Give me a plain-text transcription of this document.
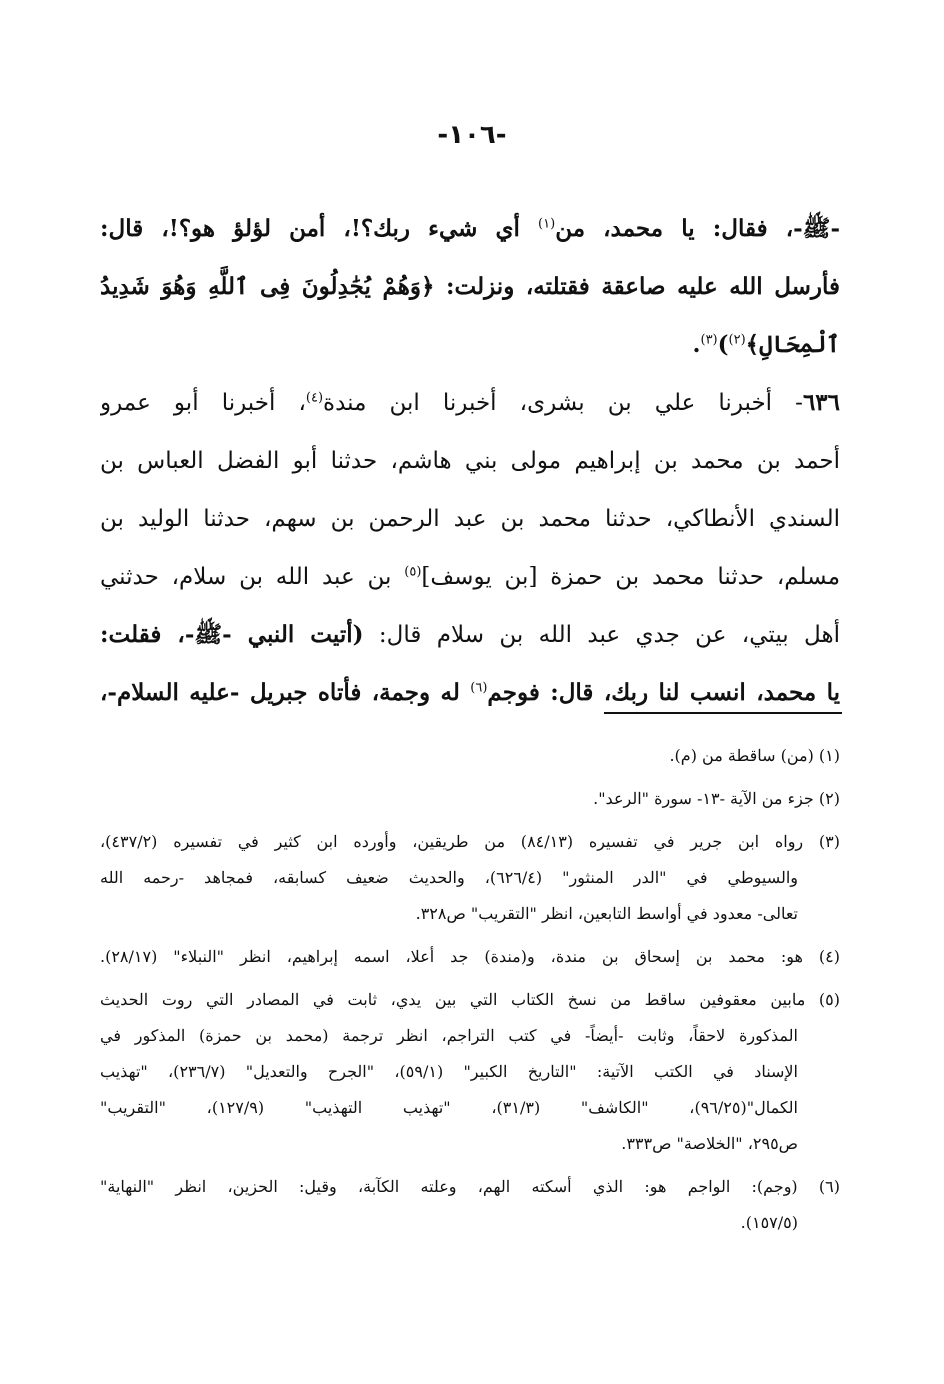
-١٠٦-
-ﷺ-، فقال: يا محمد، من$^{(١)}$ أي شيء ربك؟!، أمن لؤلؤ هو؟!، قال:
فأرسل الله عليه صاعقة فقتلته، ونزلت: ﴿وَهُمْ يُجَٰدِلُونَ فِى ٱللَّهِ وَهُوَ شَدِيدُ
ٱلْمِحَالِ﴾$^{(٢)}$)$^{(٣)}$.
٦٣٦- أخبرنا علي بن بشرى، أخبرنا ابن مندة$^{(٤)}$، أخبرنا أبو عمرو
أحمد بن محمد بن إبراهيم مولى بني هاشم، حدثنا أبو الفضل العباس بن
السندي الأنطاكي، حدثنا محمد بن عبد الرحمن بن سهم، حدثنا الوليد بن
مسلم، حدثنا محمد بن حمزة [بن يوسف]$^{(٥)}$ بن عبد الله بن سلام، حدثني
أهل بيتي، عن جدي عبد الله بن سلام قال: (أتيت النبي -ﷺ-، فقلت:
يا محمد، انسب لنا ربك، قال: فوجم$^{(٦)}$ له وجمة، فأتاه جبريل -عليه السلام-،
(١) (من) ساقطة من (م).
(٢) جزء من الآية -١٣- سورة "الرعد".
(٣) رواه ابن جرير في تفسيره (٨٤/١٣) من طريقين، وأورده ابن كثير في تفسيره (٤٣٧/٢)،
والسيوطي في "الدر المنثور" (٦٢٦/٤)، والحديث ضعيف كسابقه، فمجاهد -رحمه الله
تعالى- معدود في أواسط التابعين، انظر "التقريب" ص٣٢٨.
(٤) هو: محمد بن إسحاق بن مندة، و(مندة) جد أعلا، اسمه إبراهيم، انظر "النبلاء" (٢٨/١٧).
(٥) مابين معقوفين ساقط من نسخ الكتاب التي بين يدي، ثابت في المصادر التي روت الحديث
المذكورة لاحقاً، وثابت -أيضاً- في كتب التراجم، انظر ترجمة (محمد بن حمزة) المذكور في
الإسناد في الكتب الآتية: "التاريخ الكبير" (٥٩/١)، "الجرح والتعديل" (٢٣٦/٧)، "تهذيب
الكمال"(٩٦/٢٥)، "الكاشف" (٣١/٣)، "تهذيب التهذيب" (١٢٧/٩)، "التقريب"
ص٢٩٥، "الخلاصة" ص٣٣٣.
(٦) (وجم): الواجم هو: الذي أسكته الهم، وعلته الكآبة، وقيل: الحزين، انظر "النهاية"
(١٥٧/٥).
